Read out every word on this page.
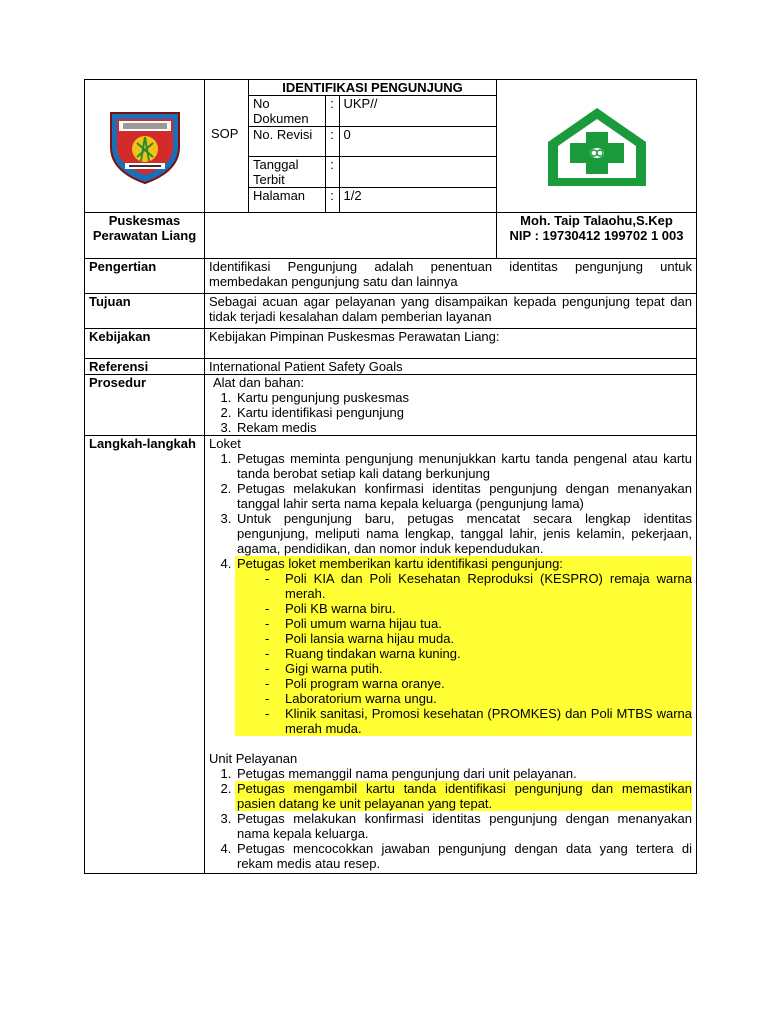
	SOP	
IDENTIFIKASI PENGUNJUNG
No Dokumen	:	UKP//
No. Revisi	:	0
Tanggal Terbit	:	
Halaman	:	1/2

Puskesmas Perawatan Liang		
Moh. Taip Talaohu,S.Kep
NIP : 19730412 199702 1 003

Pengertian	Identifikasi Pengunjung adalah penentuan identitas pengunjung untuk membedakan pengunjung satu dan lainnya
Tujuan	Sebagai acuan agar pelayanan yang disampaikan kepada pengunjung tepat dan tidak terjadi kesalahan dalam pemberian layanan
Kebijakan	Kebijakan Pimpinan Puskesmas Perawatan Liang:
Referensi	International Patient Safety Goals
Prosedur	Alat dan bahan:
1. Kartu pengunjung puskesmas
2. Kartu identifikasi pengunjung
3. Rekam medis

Langkah-langkah	Loket
1. Petugas meminta pengunjung menunjukkan kartu tanda pengenal atau kartu tanda berobat setiap kali datang berkunjung
2. Petugas melakukan konfirmasi identitas pengunjung dengan menanyakan tanggal lahir serta nama kepala keluarga (pengunjung lama)
3. Untuk pengunjung baru, petugas mencatat secara lengkap identitas pengunjung, meliputi nama lengkap, tanggal lahir, jenis kelamin, pekerjaan, agama, pendidikan, dan nomor induk kependudukan.
4. Petugas loket memberikan kartu identifikasi pengunjung:
- Poli KIA dan Poli Kesehatan Reproduksi (KESPRO) remaja warna merah.
- Poli KB warna biru.
- Poli umum warna hijau tua.
- Poli lansia warna hijau muda.
- Ruang tindakan warna kuning.
- Gigi warna putih.
- Poli program warna oranye.
- Laboratorium warna ungu.
- Klinik sanitasi, Promosi kesehatan (PROMKES) dan Poli MTBS warna merah muda.
Unit Pelayanan
1. Petugas memanggil nama pengunjung dari unit pelayanan.
2. Petugas mengambil kartu tanda identifikasi pengunjung dan memastikan pasien datang ke unit pelayanan yang tepat.
3. Petugas melakukan konfirmasi identitas pengunjung dengan menanyakan nama kepala keluarga.
4. Petugas mencocokkan jawaban pengunjung dengan data yang tertera di rekam medis atau resep.
